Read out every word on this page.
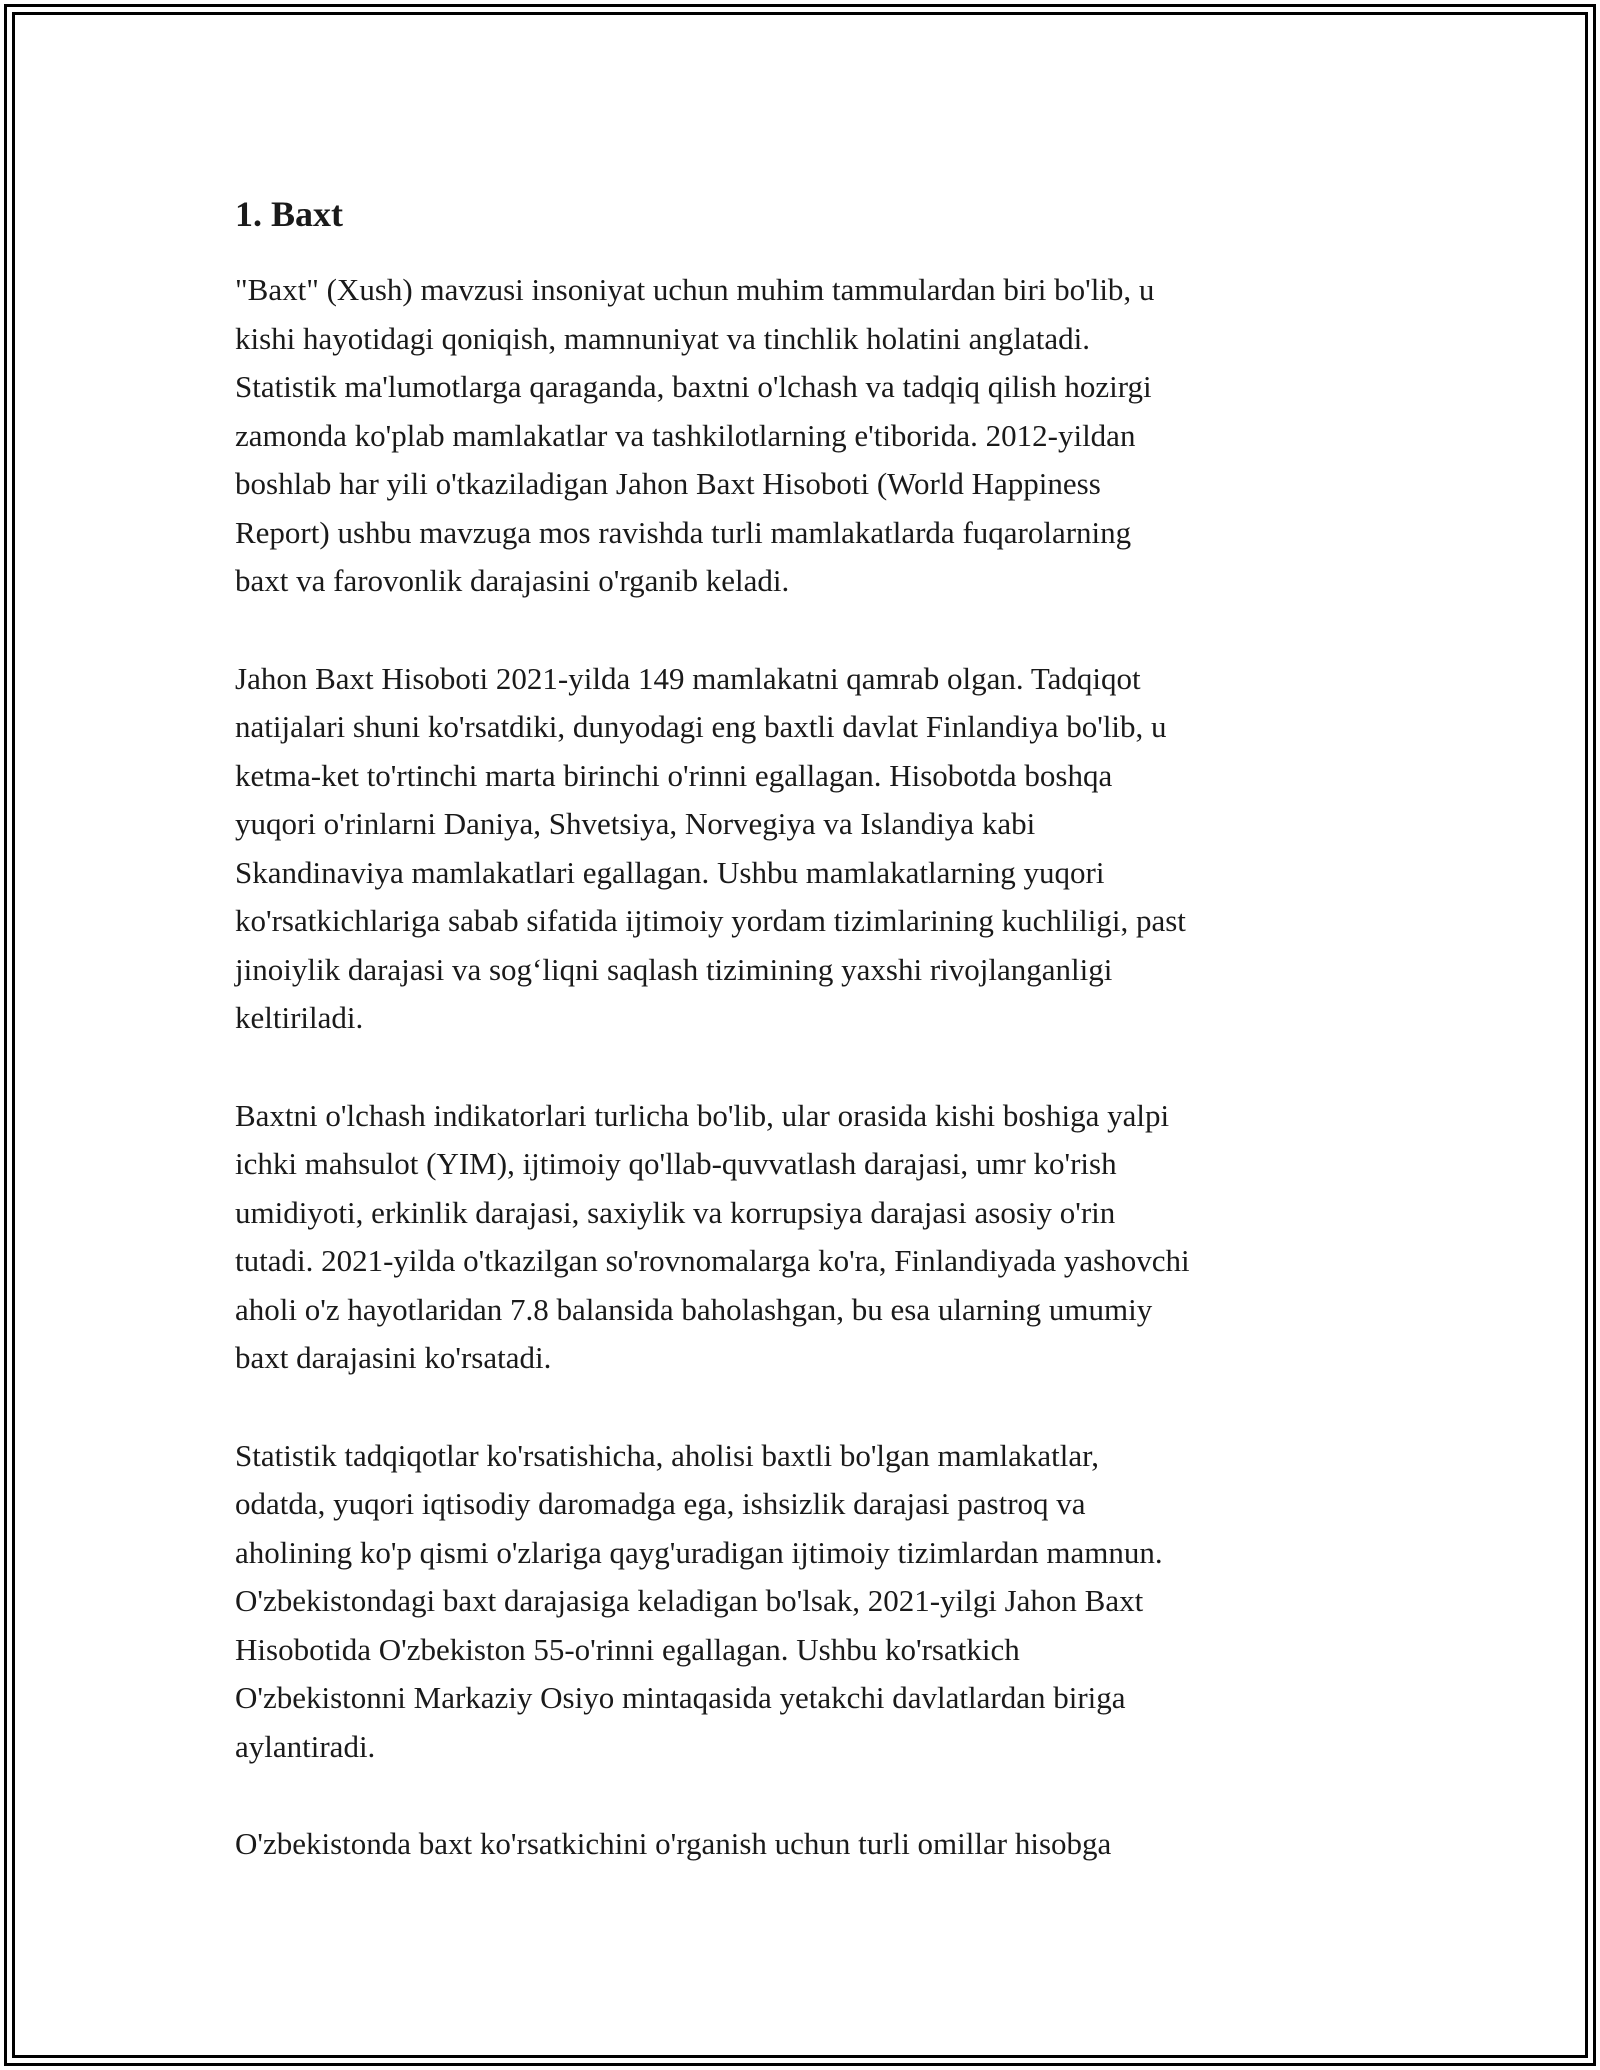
1. Baxt

"Baxt" (Xush) mavzusi insoniyat uchun muhim tammulardan biri bo'lib, u
kishi hayotidagi qoniqish, mamnuniyat va tinchlik holatini anglatadi.
Statistik ma'lumotlarga qaraganda, baxtni o'lchash va tadqiq qilish hozirgi
zamonda ko'plab mamlakatlar va tashkilotlarning e'tiborida. 2012-yildan
boshlab har yili o'tkaziladigan Jahon Baxt Hisoboti (World Happiness
Report) ushbu mavzuga mos ravishda turli mamlakatlarda fuqarolarning
baxt va farovonlik darajasini o'rganib keladi.

Jahon Baxt Hisoboti 2021-yilda 149 mamlakatni qamrab olgan. Tadqiqot
natijalari shuni ko'rsatdiki, dunyodagi eng baxtli davlat Finlandiya bo'lib, u
ketma-ket to'rtinchi marta birinchi o'rinni egallagan. Hisobotda boshqa
yuqori o'rinlarni Daniya, Shvetsiya, Norvegiya va Islandiya kabi
Skandinaviya mamlakatlari egallagan. Ushbu mamlakatlarning yuqori
ko'rsatkichlariga sabab sifatida ijtimoiy yordam tizimlarining kuchliligi, past
jinoiylik darajasi va sog‘liqni saqlash tizimining yaxshi rivojlanganligi
keltiriladi.

Baxtni o'lchash indikatorlari turlicha bo'lib, ular orasida kishi boshiga yalpi
ichki mahsulot (YIM), ijtimoiy qo'llab-quvvatlash darajasi, umr ko'rish
umidiyoti, erkinlik darajasi, saxiylik va korrupsiya darajasi asosiy o'rin
tutadi. 2021-yilda o'tkazilgan so'rovnomalarga ko'ra, Finlandiyada yashovchi
aholi o'z hayotlaridan 7.8 balansida baholashgan, bu esa ularning umumiy
baxt darajasini ko'rsatadi.

Statistik tadqiqotlar ko'rsatishicha, aholisi baxtli bo'lgan mamlakatlar,
odatda, yuqori iqtisodiy daromadga ega, ishsizlik darajasi pastroq va
aholining ko'p qismi o'zlariga qayg'uradigan ijtimoiy tizimlardan mamnun.
O'zbekistondagi baxt darajasiga keladigan bo'lsak, 2021-yilgi Jahon Baxt
Hisobotida O'zbekiston 55-o'rinni egallagan. Ushbu ko'rsatkich
O'zbekistonni Markaziy Osiyo mintaqasida yetakchi davlatlardan biriga
aylantiradi.

O'zbekistonda baxt ko'rsatkichini o'rganish uchun turli omillar hisobga
